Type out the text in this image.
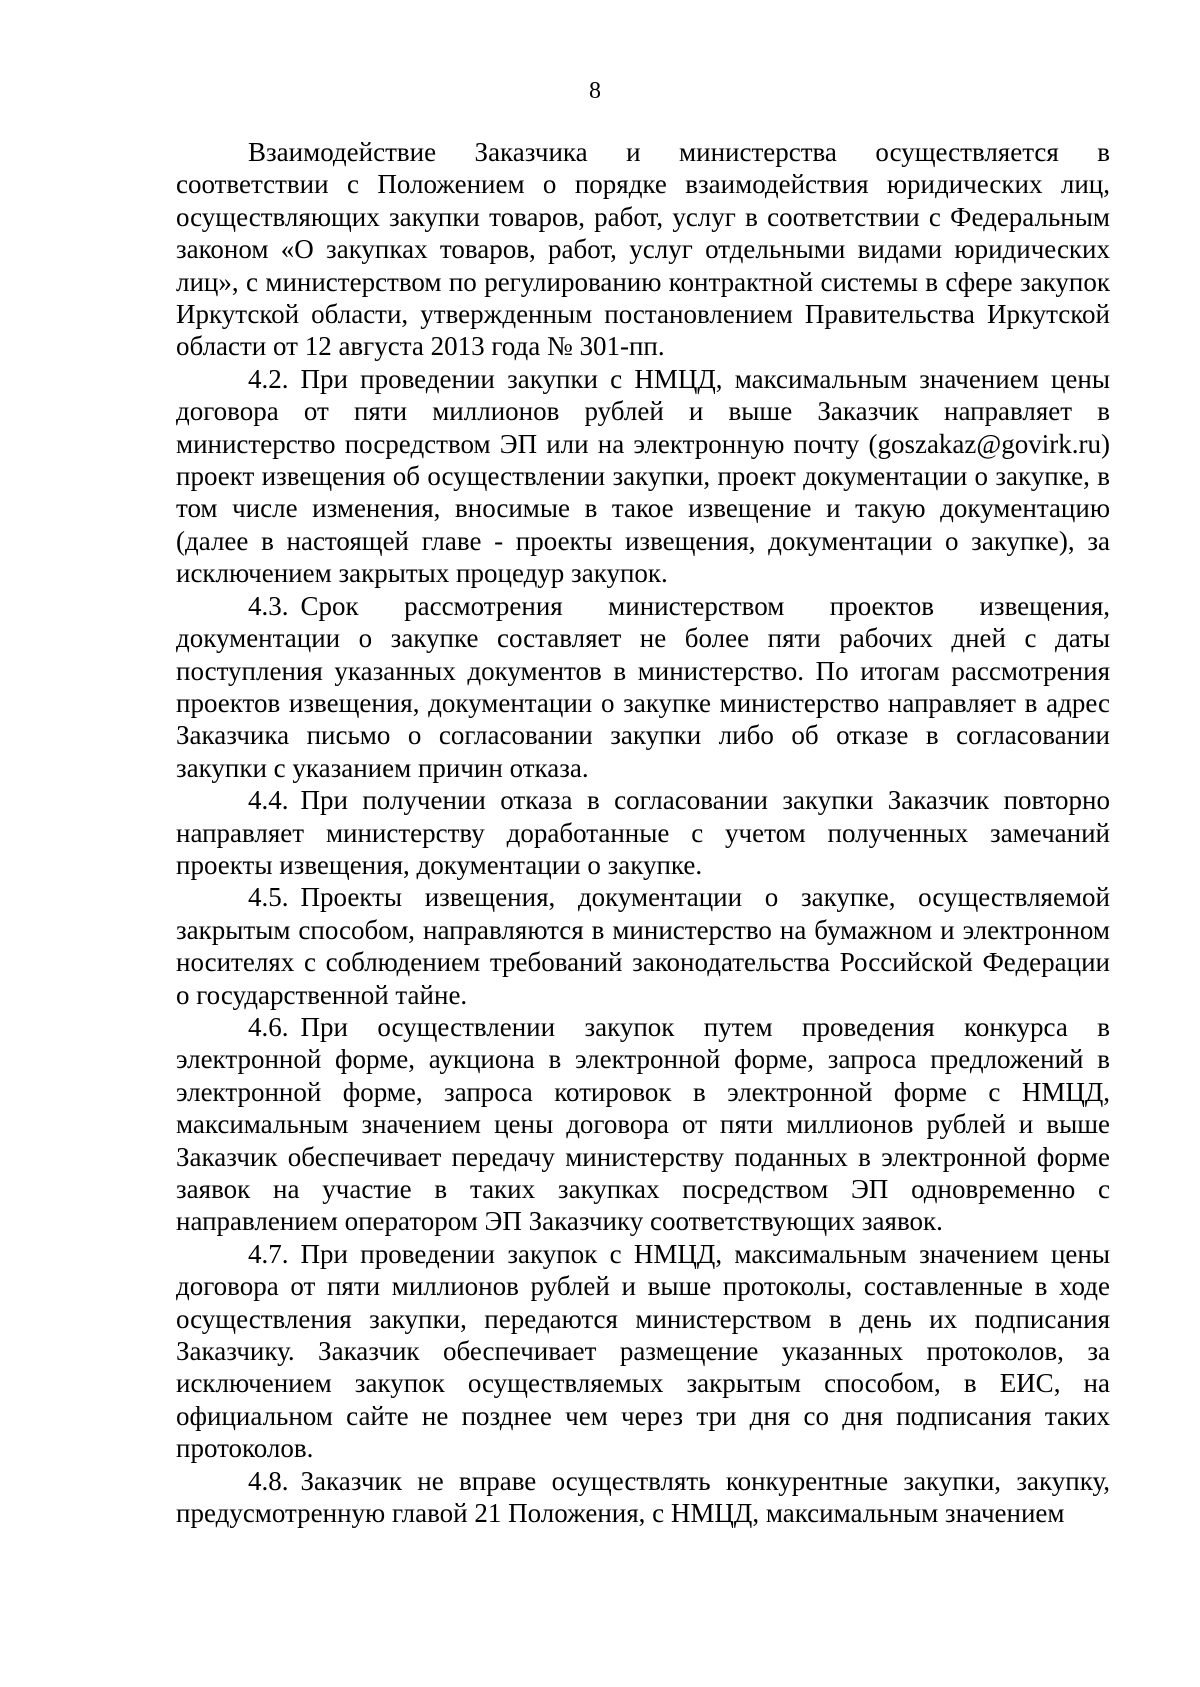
8

Взаимодействие Заказчика и министерства осуществляется в соответствии с Положением о порядке взаимодействия юридических лиц, осуществляющих закупки товаров, работ, услуг в соответствии с Федеральным законом «О закупках товаров, работ, услуг отдельными видами юридических лиц», с министерством по регулированию контрактной системы в сфере закупок Иркутской области, утвержденным постановлением Правительства Иркутской области от 12 августа 2013 года № 301-пп.

4.2. При проведении закупки с НМЦД, максимальным значением цены договора от пяти миллионов рублей и выше Заказчик направляет в министерство посредством ЭП или на электронную почту (goszakaz@govirk.ru) проект извещения об осуществлении закупки, проект документации о закупке, в том числе изменения, вносимые в такое извещение и такую документацию (далее в настоящей главе - проекты извещения, документации о закупке), за исключением закрытых процедур закупок.

4.3. Срок рассмотрения министерством проектов извещения, документации о закупке составляет не более пяти рабочих дней с даты поступления указанных документов в министерство. По итогам рассмотрения проектов извещения, документации о закупке министерство направляет в адрес Заказчика письмо о согласовании закупки либо об отказе в согласовании закупки с указанием причин отказа.

4.4. При получении отказа в согласовании закупки Заказчик повторно направляет министерству доработанные с учетом полученных замечаний проекты извещения, документации о закупке.

4.5. Проекты извещения, документации о закупке, осуществляемой закрытым способом, направляются в министерство на бумажном и электронном носителях с соблюдением требований законодательства Российской Федерации о государственной тайне.

4.6. При осуществлении закупок путем проведения конкурса в электронной форме, аукциона в электронной форме, запроса предложений в электронной форме, запроса котировок в электронной форме с НМЦД, максимальным значением цены договора от пяти миллионов рублей и выше Заказчик обеспечивает передачу министерству поданных в электронной форме заявок на участие в таких закупках посредством ЭП одновременно с направлением оператором ЭП Заказчику соответствующих заявок.

4.7. При проведении закупок с НМЦД, максимальным значением цены договора от пяти миллионов рублей и выше протоколы, составленные в ходе осуществления закупки, передаются министерством в день их подписания Заказчику. Заказчик обеспечивает размещение указанных протоколов, за исключением закупок осуществляемых закрытым способом, в ЕИС, на официальном сайте не позднее чем через три дня со дня подписания таких протоколов.

4.8. Заказчик не вправе осуществлять конкурентные закупки, закупку, предусмотренную главой 21 Положения, с НМЦД, максимальным значением
